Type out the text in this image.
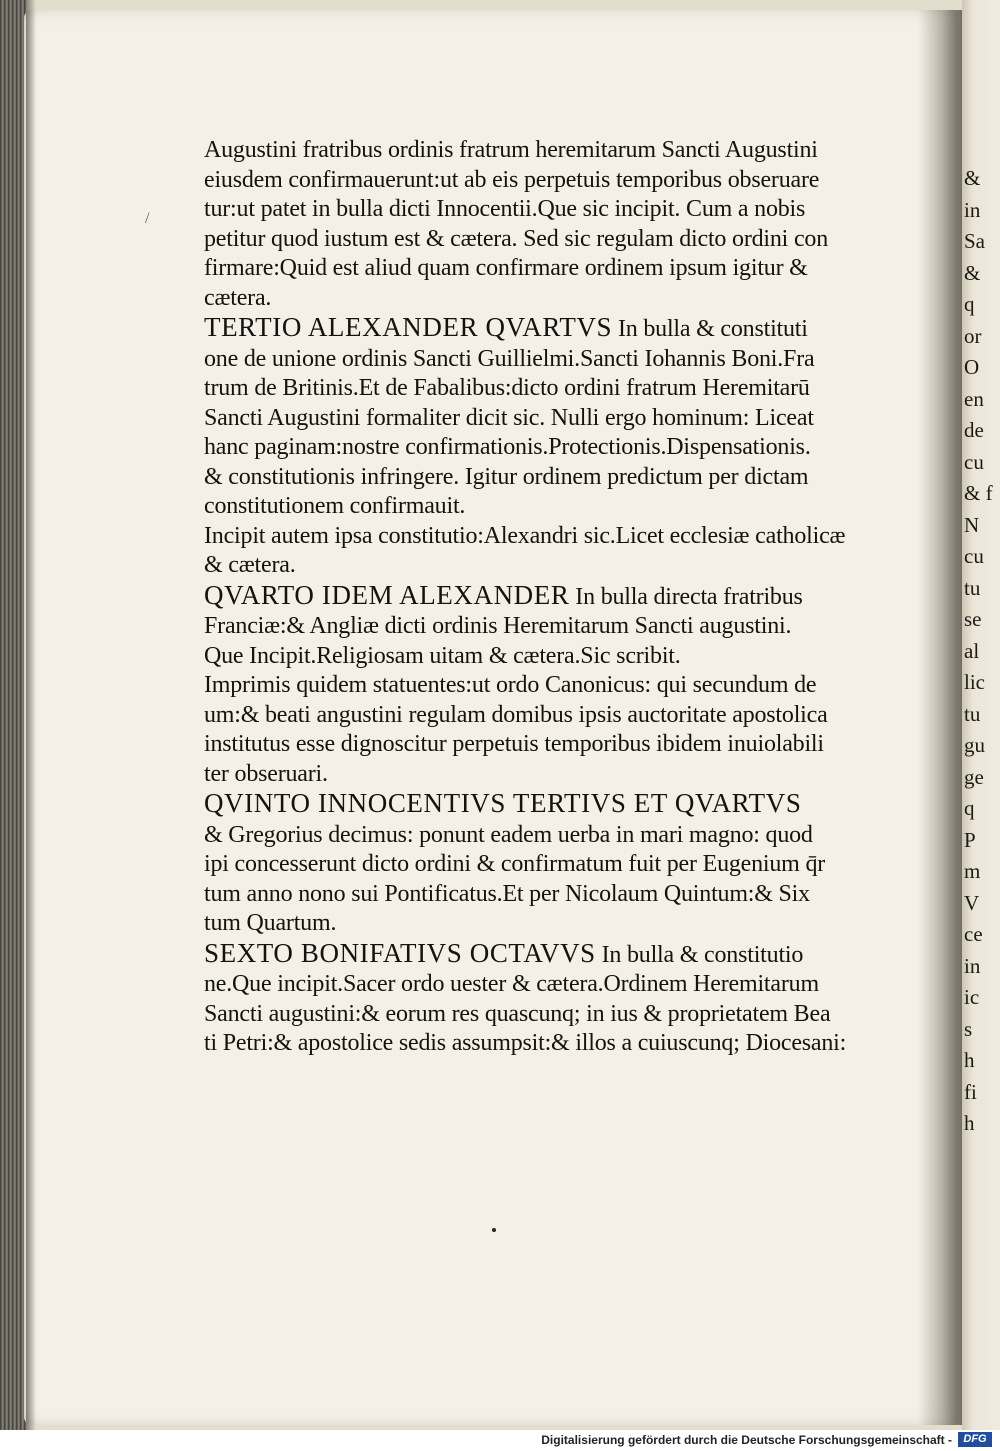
&
in
Sa
&
q
or
O
en
de
cu
& f
N
cu
tu
se
al
lic
tu
gu
ge
q
P
m
V
ce
in
ic
s
h
fi
h
/
Augustini fratribus ordinis fratrum heremitarum Sancti Augustini
eiusdem confirmauerunt:ut ab eis perpetuis temporibus obseruare
tur:ut patet in bulla dicti Innocentii.Que sic incipit. Cum a nobis
petitur quod iustum est & cætera. Sed sic regulam dicto ordini con
firmare:Quid est aliud quam confirmare ordinem ipsum igitur &
cætera.
TERTIO ALEXANDER QVARTVS In bulla & constituti
one de unione ordinis Sancti Guillielmi.Sancti Iohannis Boni.Fra
trum de Britinis.Et de Fabalibus:dicto ordini fratrum Heremitarū
Sancti Augustini formaliter dicit sic. Nulli ergo hominum: Liceat
hanc paginam:nostre confirmationis.Protectionis.Dispensationis.
& constitutionis infringere. Igitur ordinem predictum per dictam
constitutionem confirmauit.
Incipit autem ipsa constitutio:Alexandri sic.Licet ecclesiæ catholicæ
& cætera.
QVARTO IDEM ALEXANDER In bulla directa fratribus
Franciæ:& Angliæ dicti ordinis Heremitarum Sancti augustini.
Que Incipit.Religiosam uitam & cætera.Sic scribit.
Imprimis quidem statuentes:ut ordo Canonicus: qui secundum de
um:& beati angustini regulam domibus ipsis auctoritate apostolica
institutus esse dignoscitur perpetuis temporibus ibidem inuiolabili
ter obseruari.
QVINTO INNOCENTIVS TERTIVS ET QVARTVS
& Gregorius decimus: ponunt eadem uerba in mari magno: quod
ipi concesserunt dicto ordini & confirmatum fuit per Eugenium q̄r
tum anno nono sui Pontificatus.Et per Nicolaum Quintum:& Six
tum Quartum.
SEXTO BONIFATIVS OCTAVVS In bulla & constitutio
ne.Que incipit.Sacer ordo uester & cætera.Ordinem Heremitarum
Sancti augustini:& eorum res quascunq; in ius & proprietatem Bea
ti Petri:& apostolice sedis assumpsit:& illos a cuiuscunq; Diocesani:
Digitalisierung gefördert durch die Deutsche Forschungsgemeinschaft -	DFG
